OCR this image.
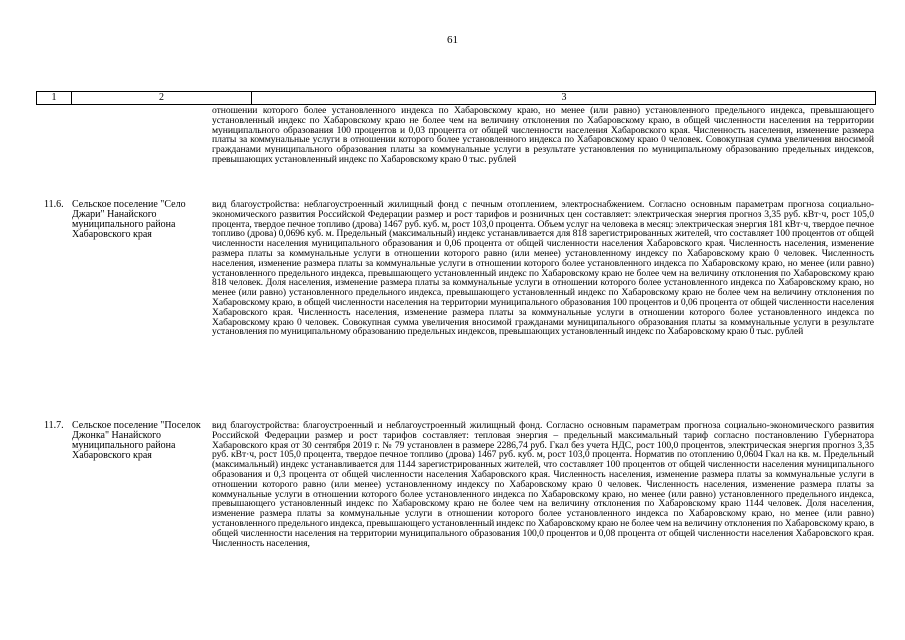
61
1	2	3
отношении которого более установленного индекса по Хабаровскому краю, но менее (или равно) установленного предельного индекса, превышающего установленный индекс по Хабаровскому краю не более чем на величину отклонения по Хабаровскому краю, в общей численности населения на территории муниципального образования 100 процентов и 0,03 процента от общей численности населения Хабаровского края. Численность населения, изменение размера платы за коммунальные услуги в отношении которого более установленного индекса по Хабаровскому краю 0 человек. Совокупная сумма увеличения вносимой гражданами муниципального образования платы за коммунальные услуги в результате установления по муниципальному образованию предельных индексов, превышающих установленный индекс по Хабаровскому краю 0 тыс. рублей
11.6. Сельское поселение "Село Джари" Нанайского муниципального района Хабаровского края
вид благоустройства: неблагоустроенный жилищный фонд с печным отоплением, электроснабжением. Согласно основным параметрам прогноза социально-экономического развития Российской Федерации размер и рост тарифов и розничных цен составляет: электрическая энергия прогноз 3,35 руб. кВт·ч, рост 105,0 процента, твердое печное топливо (дрова) 1467 руб. куб. м, рост 103,0 процента. Объем услуг на человека в месяц: электрическая энергия 181 кВт·ч, твердое печное топливо (дрова) 0,0696 куб. м. Предельный (максимальный) индекс устанавливается для 818 зарегистрированных жителей, что составляет 100 процентов от общей численности населения муниципального образования и 0,06 процента от общей численности населения Хабаровского края. Численность населения, изменение размера платы за коммунальные услуги в отношении которого равно (или менее) установленному индексу по Хабаровскому краю 0 человек. Численность населения, изменение размера платы за коммунальные услуги в отношении которого более установленного индекса по Хабаровскому краю, но менее (или равно) установленного предельного индекса, превышающего установленный индекс по Хабаровскому краю не более чем на величину отклонения по Хабаровскому краю 818 человек. Доля населения, изменение размера платы за коммунальные услуги в отношении которого более установленного индекса по Хабаровскому краю, но менее (или равно) установленного предельного индекса, превышающего установленный индекс по Хабаровскому краю не более чем на величину отклонения по Хабаровскому краю, в общей численности населения на территории муниципального образования 100 процентов и 0,06 процента от общей численности населения Хабаровского края. Численность населения, изменение размера платы за коммунальные услуги в отношении которого более установленного индекса по Хабаровскому краю 0 человек. Совокупная сумма увеличения вносимой гражданами муниципального образования платы за коммунальные услуги в результате установления по муниципальному образованию предельных индексов, превышающих установленный индекс по Хабаровскому краю 0 тыс. рублей
11.7. Сельское поселение "Поселок Джонка" Нанайского муниципального района Хабаровского края
вид благоустройства: благоустроенный и неблагоустроенный жилищный фонд. Согласно основным параметрам прогноза социально-экономического развития Российской Федерации размер и рост тарифов составляет: тепловая энергия – предельный максимальный тариф согласно постановлению Губернатора Хабаровского края от 30 сентября 2019 г. № 79 установлен в размере 2286,74 руб. Гкал без учета НДС, рост 100,0 процентов, электрическая энергия прогноз 3,35 руб. кВт·ч, рост 105,0 процента, твердое печное топливо (дрова) 1467 руб. куб. м, рост 103,0 процента. Норматив по отоплению 0,0604 Гкал на кв. м. Предельный (максимальный) индекс устанавливается для 1144 зарегистрированных жителей, что составляет 100 процентов от общей численности населения муниципального образования и 0,3 процента от общей численности населения Хабаровского края. Численность населения, изменение размера платы за коммунальные услуги в отношении которого равно (или менее) установленному индексу по Хабаровскому краю 0 человек. Численность населения, изменение размера платы за коммунальные услуги в отношении которого более установленного индекса по Хабаровскому краю, но менее (или равно) установленного предельного индекса, превышающего установленный индекс по Хабаровскому краю не более чем на величину отклонения по Хабаровскому краю 1144 человек. Доля населения, изменение размера платы за коммунальные услуги в отношении которого более установленного индекса по Хабаровскому краю, но менее (или равно) установленного предельного индекса, превышающего установленный индекс по Хабаровскому краю не более чем на величину отклонения по Хабаровскому краю, в общей численности населения на территории муниципального образования 100,0 процентов и 0,08 процента от общей численности населения Хабаровского края. Численность населения,
